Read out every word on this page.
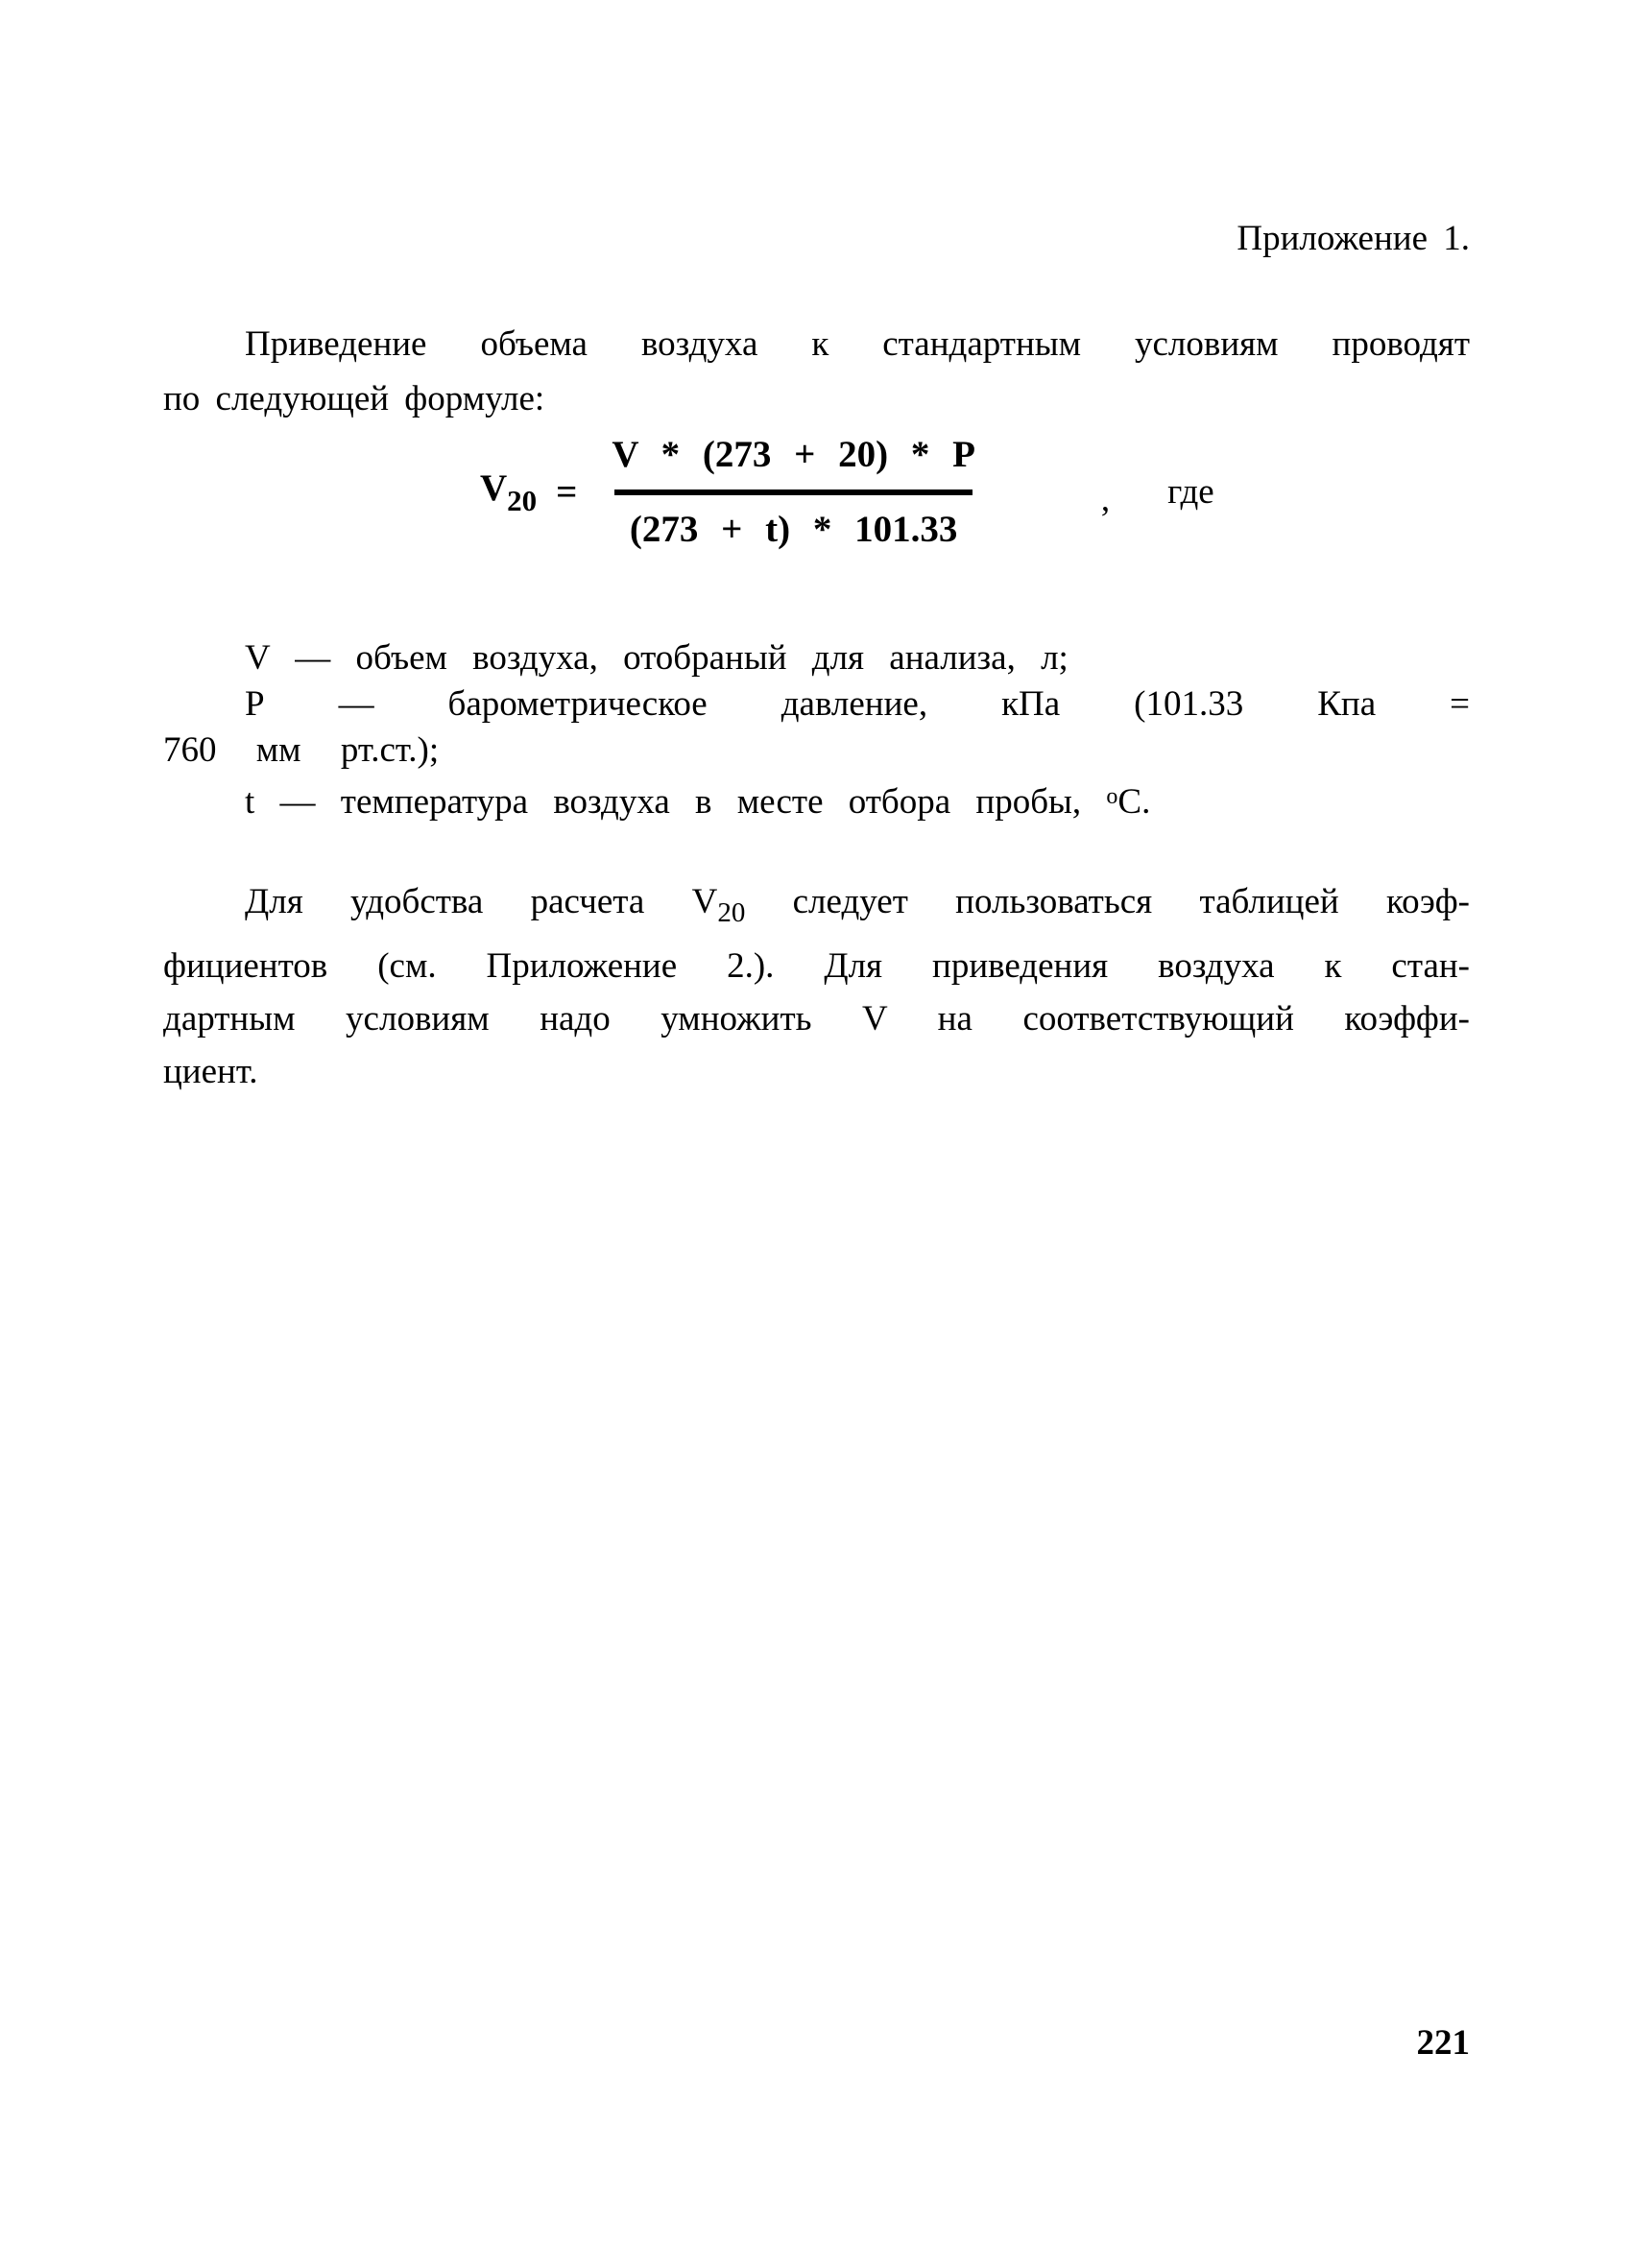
Приложение 1.
Приведение объема воздуха к стандартным условиям проводят
по следующей формуле:
$V_{20} = \frac{V * (273 + 20) * P}{(273 + t) * 101.33}$	, где
V — объем воздуха, отобраный для анализа, л;
Р — барометрическое давление, кПа (101.33 Кпа =
760 мм рт.ст.);
t — температура воздуха в месте отбора пробы, $^о$С.
Для удобства расчета $V_{20}$ следует пользоваться таблицей коэф-
фициентов (см. Приложение 2.). Для приведения воздуха к стан-
дартным условиям надо умножить V на соответствующий коэффи-
циент.
221
